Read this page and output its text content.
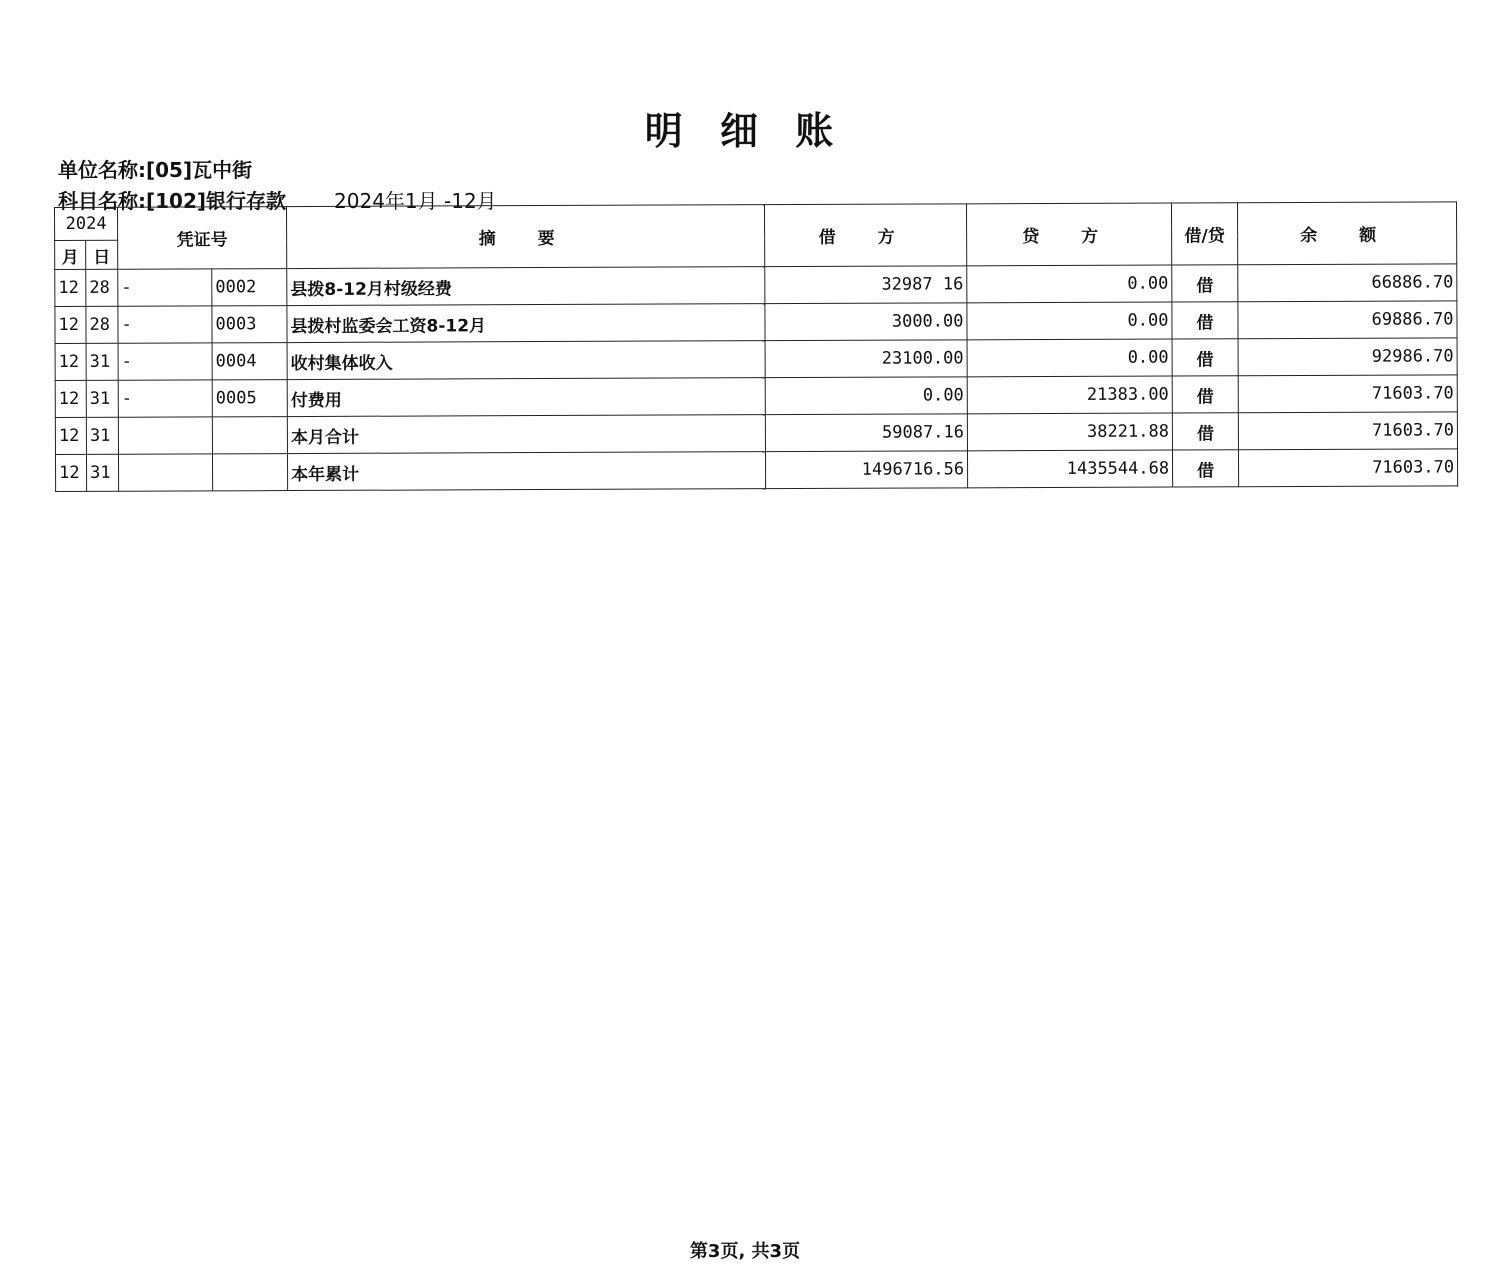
明 细 账
单位名称:[05]瓦中街
科目名称:[102]银行存款 2024年1月 -12月
2024		凭证号		摘 要	借 方	贷 方	借/贷	余 额
月	日							
12	28	-	0002	县拨8-12月村级经费	32987 16	0.00	借	66886.70
12	28	-	0003	县拨村监委会工资8-12月	3000.00	0.00	借	69886.70
12	31	-	0004	收村集体收入	23100.00	0.00	借	92986.70
12	31	-	0005	付费用	0.00	21383.00	借	71603.70
12	31			本月合计	59087.16	38221.88	借	71603.70
12	31			本年累计	1496716.56	1435544.68	借	71603.70
第3页, 共3页
